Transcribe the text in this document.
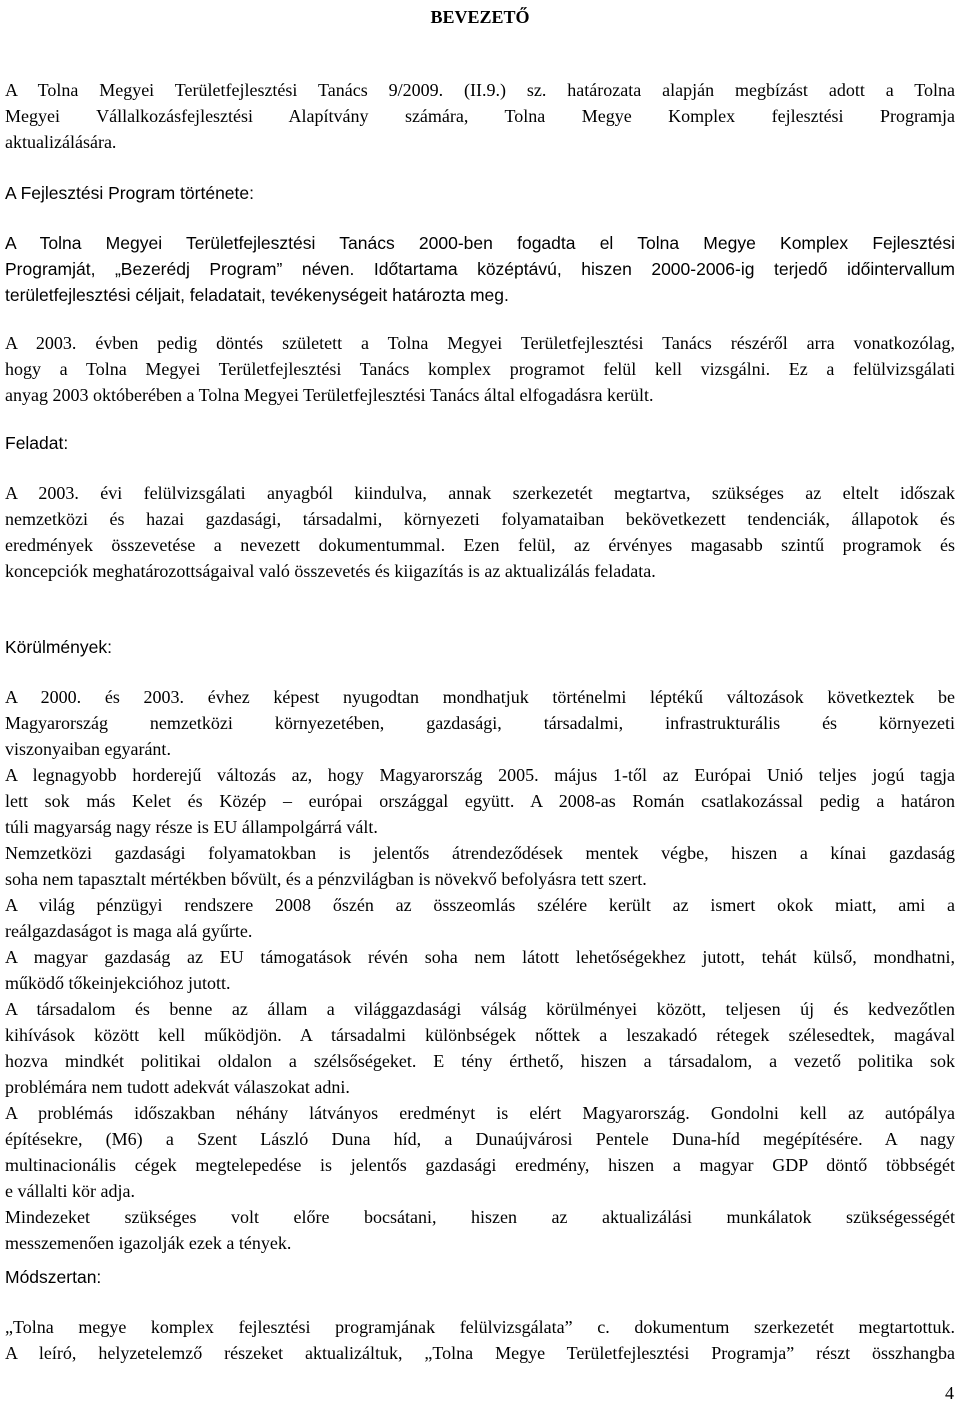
BEVEZETŐ

A Tolna Megyei Területfejlesztési Tanács 9/2009. (II.9.) sz. határozata alapján megbízást adott a Tolna

Megyei Vállalkozásfejlesztési Alapítvány számára, Tolna Megye Komplex fejlesztési Programja

aktualizálására.

A Fejlesztési Program története:

A Tolna Megyei Területfejlesztési Tanács 2000-ben fogadta el Tolna Megye Komplex Fejlesztési

Programját, „Bezerédj Program” néven. Időtartama középtávú, hiszen 2000-2006-ig terjedő időintervallum

területfejlesztési céljait, feladatait, tevékenységeit határozta meg.

A 2003. évben pedig döntés született a Tolna Megyei Területfejlesztési Tanács részéről arra vonatkozólag,

hogy a Tolna Megyei Területfejlesztési Tanács komplex programot felül kell vizsgálni. Ez a felülvizsgálati

anyag 2003 októberében a Tolna Megyei Területfejlesztési Tanács által elfogadásra került.

Feladat:

A 2003. évi felülvizsgálati anyagból kiindulva, annak szerkezetét megtartva, szükséges az eltelt időszak

nemzetközi és hazai gazdasági, társadalmi, környezeti folyamataiban bekövetkezett tendenciák, állapotok és

eredmények összevetése a nevezett dokumentummal. Ezen felül, az érvényes magasabb szintű programok és

koncepciók meghatározottságaival való összevetés és kiigazítás is az aktualizálás feladata.

Körülmények:

A 2000. és 2003. évhez képest nyugodtan mondhatjuk történelmi léptékű változások következtek be

Magyarország nemzetközi környezetében, gazdasági, társadalmi, infrastrukturális és környezeti

viszonyaiban egyaránt.

A legnagyobb horderejű változás az, hogy Magyarország 2005. május 1-től az Európai Unió teljes jogú tagja

lett sok más Kelet és Közép – európai országgal együtt. A 2008-as Román csatlakozással pedig a határon

túli magyarság nagy része is EU állampolgárrá vált.

Nemzetközi gazdasági folyamatokban is jelentős átrendeződések mentek végbe, hiszen a kínai gazdaság

soha nem tapasztalt mértékben bővült, és a pénzvilágban is növekvő befolyásra tett szert.

A világ pénzügyi rendszere 2008 őszén az összeomlás szélére került az ismert okok miatt, ami a

reálgazdaságot is maga alá gyűrte.

A magyar gazdaság az EU támogatások révén soha nem látott lehetőségekhez jutott, tehát külső, mondhatni,

működő tőkeinjekcióhoz jutott.

A társadalom és benne az állam a világgazdasági válság körülményei között, teljesen új és kedvezőtlen

kihívások között kell működjön. A társadalmi különbségek nőttek a leszakadó rétegek szélesedtek, magával

hozva mindkét politikai oldalon a szélsőségeket. E tény érthető, hiszen a társadalom, a vezető politika sok

problémára nem tudott adekvát válaszokat adni.

A problémás időszakban néhány látványos eredményt is elért Magyarország. Gondolni kell az autópálya

építésekre, (M6) a Szent László Duna híd, a Dunaújvárosi Pentele Duna-híd megépítésére. A nagy

multinacionális cégek megtelepedése is jelentős gazdasági eredmény, hiszen a magyar GDP döntő többségét

e vállalti kör adja.

Mindezeket szükséges volt előre bocsátani, hiszen az aktualizálási munkálatok szükségességét

messzemenően igazolják ezek a tények.

Módszertan:

„Tolna megye komplex fejlesztési programjának felülvizsgálata” c. dokumentum szerkezetét megtartottuk.

A leíró, helyzetelemző részeket aktualizáltuk, „Tolna Megye Területfejlesztési Programja” részt összhangba

4
